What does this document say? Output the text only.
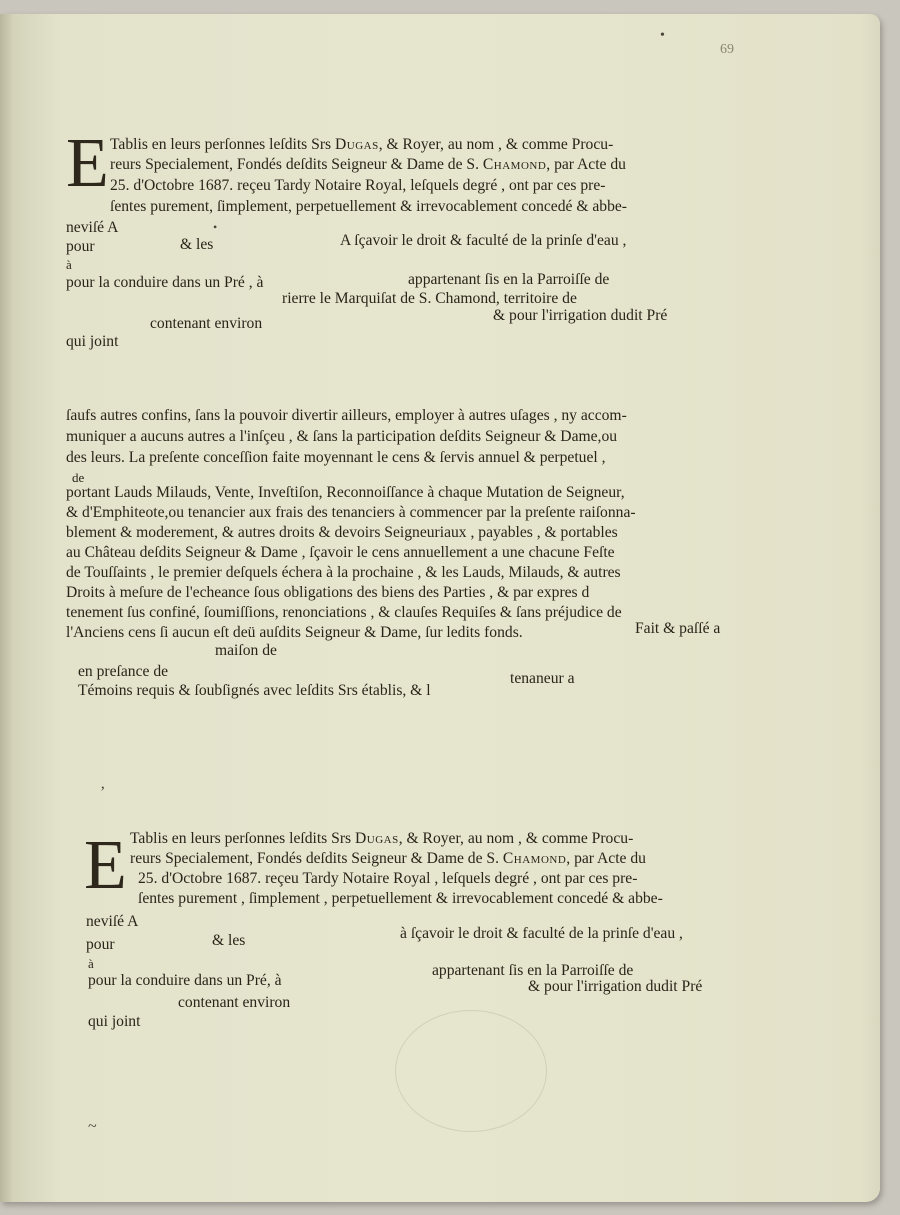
69
•
E Tablis en leurs perſonnes leſdits Srs Dugas, & Royer, au nom , & comme Procu-
reurs Specialement, Fondés deſdits Seigneur & Dame de S. Chamond, par Acte du
25. d'Octobre 1687. reçeu Tardy Notaire Royal, leſquels degré , ont par ces pre-
ſentes purement, ſimplement, perpetuellement & irrevocablement concedé & abbe-
neviſé A	•
pour	& les	A ſçavoir le droit & faculté de la prinſe d'eau ,
à
pour la conduire dans un Pré , à	appartenant ſis en la Parroiſſe de
rierre le Marquiſat de S. Chamond, territoire de
contenant environ	& pour l'irrigation dudit Pré
qui joint
ſaufs autres confins, ſans la pouvoir divertir ailleurs, employer à autres uſages , ny accom-
muniquer a aucuns autres a l'inſçeu , & ſans la participation deſdits Seigneur & Dame,ou
des leurs. La preſente conceſſion faite moyennant le cens & ſervis annuel & perpetuel ,
de
portant Lauds Milauds, Vente, Inveſtiſon, Reconnoiſſance à chaque Mutation de Seigneur,
& d'Emphiteote,ou tenancier aux frais des tenanciers à commencer par la preſente raiſonna-
blement & moderement, & autres droits & devoirs Seigneuriaux , payables , & portables
au Château deſdits Seigneur & Dame , ſçavoir le cens annuellement a une chacune Feſte
de Touſſaints , le premier deſquels échera à la prochaine , & les Lauds, Milauds, & autres
Droits à meſure de l'echeance ſous obligations des biens des Parties , & par expres d
tenement ſus confiné, ſoumiſſions, renonciations , & clauſes Requiſes & ſans préjudice de
l'Anciens cens ſi aucun eſt deü auſdits Seigneur & Dame, ſur ledits fonds.	Fait & paſſé a
maiſon de
en preſance de
Témoins requis & ſoubſignés avec leſdits Srs établis, & l
tenaneur a
ʼ
E Tablis en leurs perſonnes leſdits Srs Dugas, & Royer, au nom , & comme Procu-
reurs Specialement, Fondés deſdits Seigneur & Dame de S. Chamond, par Acte du
25. d'Octobre 1687. reçeu Tardy Notaire Royal , leſquels degré , ont par ces pre-
ſentes purement , ſimplement , perpetuellement & irrevocablement concedé & abbe-
neviſé A
pour	& les	à ſçavoir le droit & faculté de la prinſe d'eau ,
à
pour la conduire dans un Pré, à
appartenant ſis en la Parroiſſe de
contenant environ
& pour l'irrigation dudit Pré
qui joint
~
